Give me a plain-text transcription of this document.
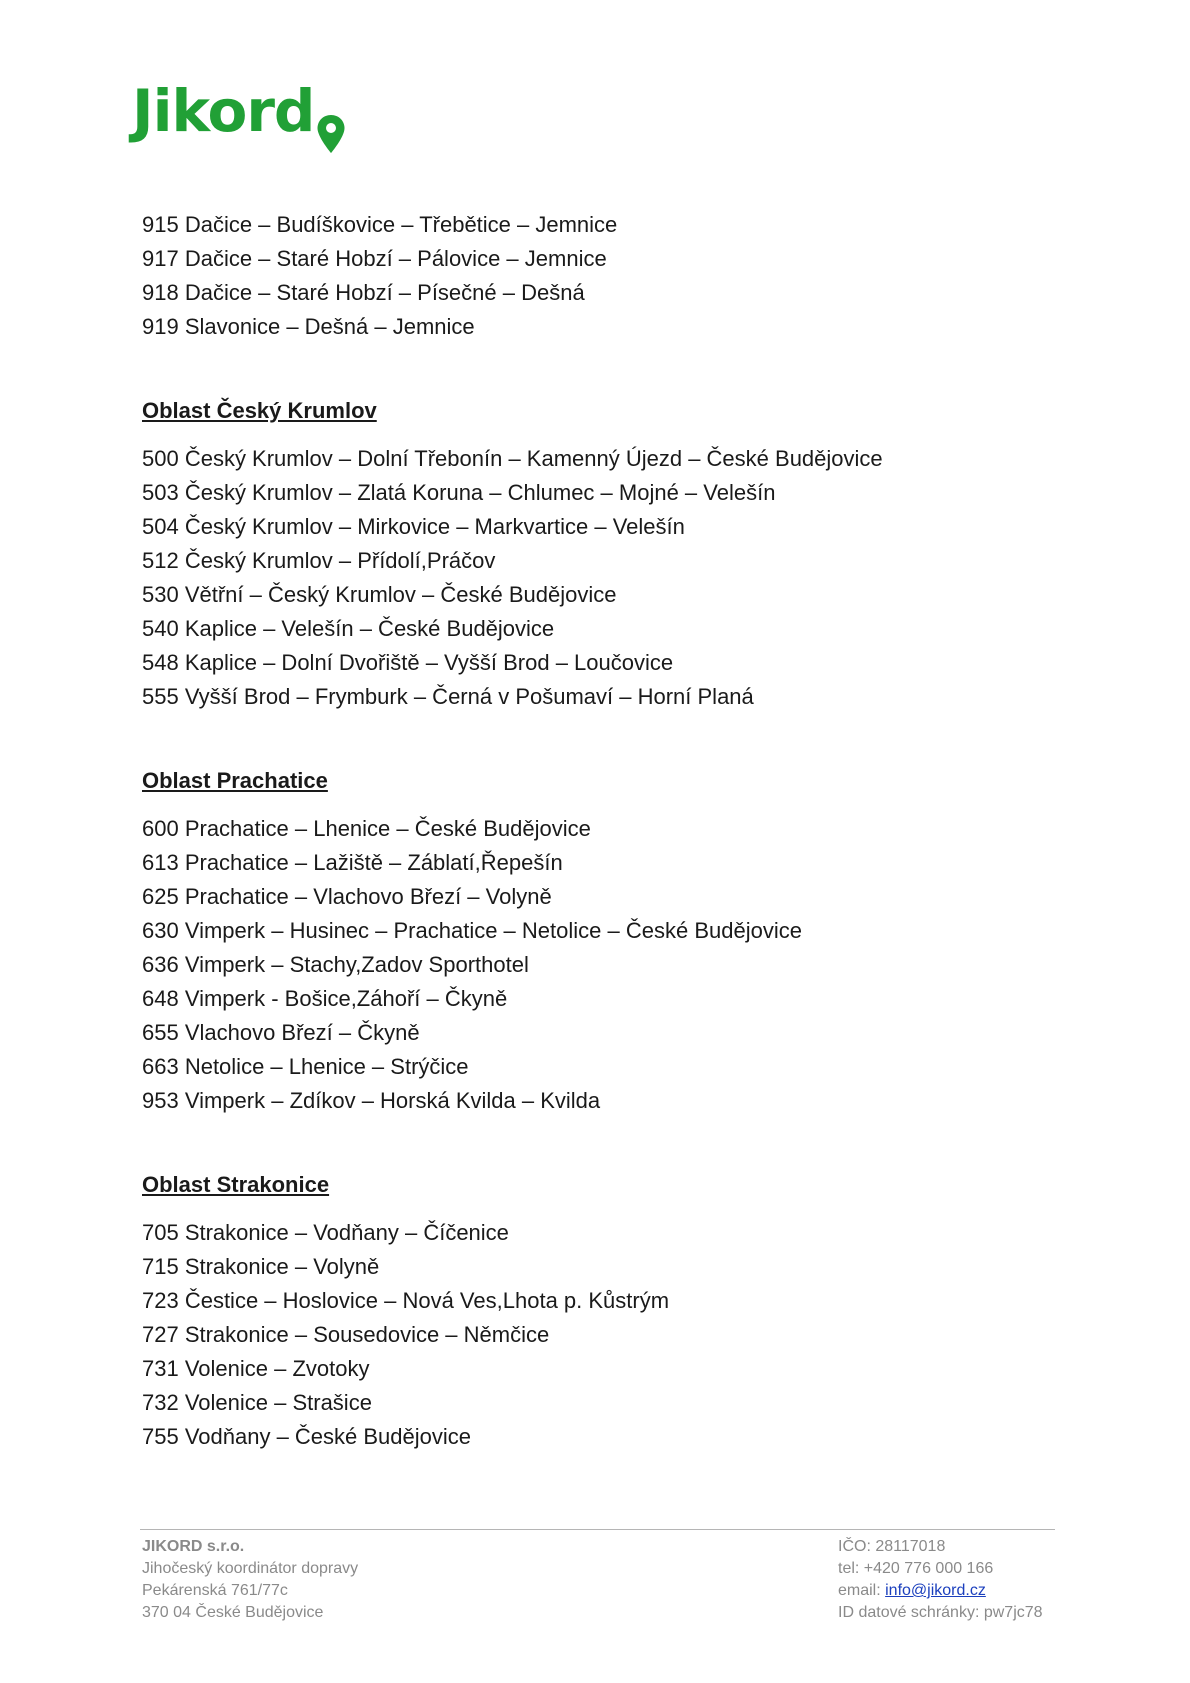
Jikord
915 Dačice – Budíškovice – Třebětice – Jemnice
917 Dačice – Staré Hobzí – Pálovice – Jemnice
918 Dačice – Staré Hobzí – Písečné – Dešná
919 Slavonice – Dešná – Jemnice
Oblast Český Krumlov
500 Český Krumlov – Dolní Třebonín – Kamenný Újezd – České Budějovice
503 Český Krumlov – Zlatá Koruna – Chlumec – Mojné – Velešín
504 Český Krumlov – Mirkovice – Markvartice – Velešín
512 Český Krumlov – Přídolí,Práčov
530 Větřní – Český Krumlov – České Budějovice
540 Kaplice – Velešín – České Budějovice
548 Kaplice – Dolní Dvořiště – Vyšší Brod – Loučovice
555 Vyšší Brod – Frymburk – Černá v Pošumaví – Horní Planá
Oblast Prachatice
600 Prachatice – Lhenice – České Budějovice
613 Prachatice – Lažiště – Záblatí,Řepešín
625 Prachatice – Vlachovo Březí – Volyně
630 Vimperk – Husinec – Prachatice – Netolice – České Budějovice
636 Vimperk – Stachy,Zadov Sporthotel
648 Vimperk - Bošice,Záhoří – Čkyně
655 Vlachovo Březí – Čkyně
663 Netolice – Lhenice – Strýčice
953 Vimperk – Zdíkov – Horská Kvilda – Kvilda
Oblast Strakonice
705 Strakonice – Vodňany – Číčenice
715 Strakonice – Volyně
723 Čestice – Hoslovice – Nová Ves,Lhota p. Kůstrým
727 Strakonice – Sousedovice – Němčice
731 Volenice – Zvotoky
732 Volenice – Strašice
755 Vodňany – České Budějovice
JIKORD s.r.o.
Jihočeský koordinátor dopravy
Pekárenská 761/77c
370 04 České Budějovice
IČO: 28117018
tel: +420 776 000 166
email: info@jikord.cz
ID datové schránky: pw7jc78
